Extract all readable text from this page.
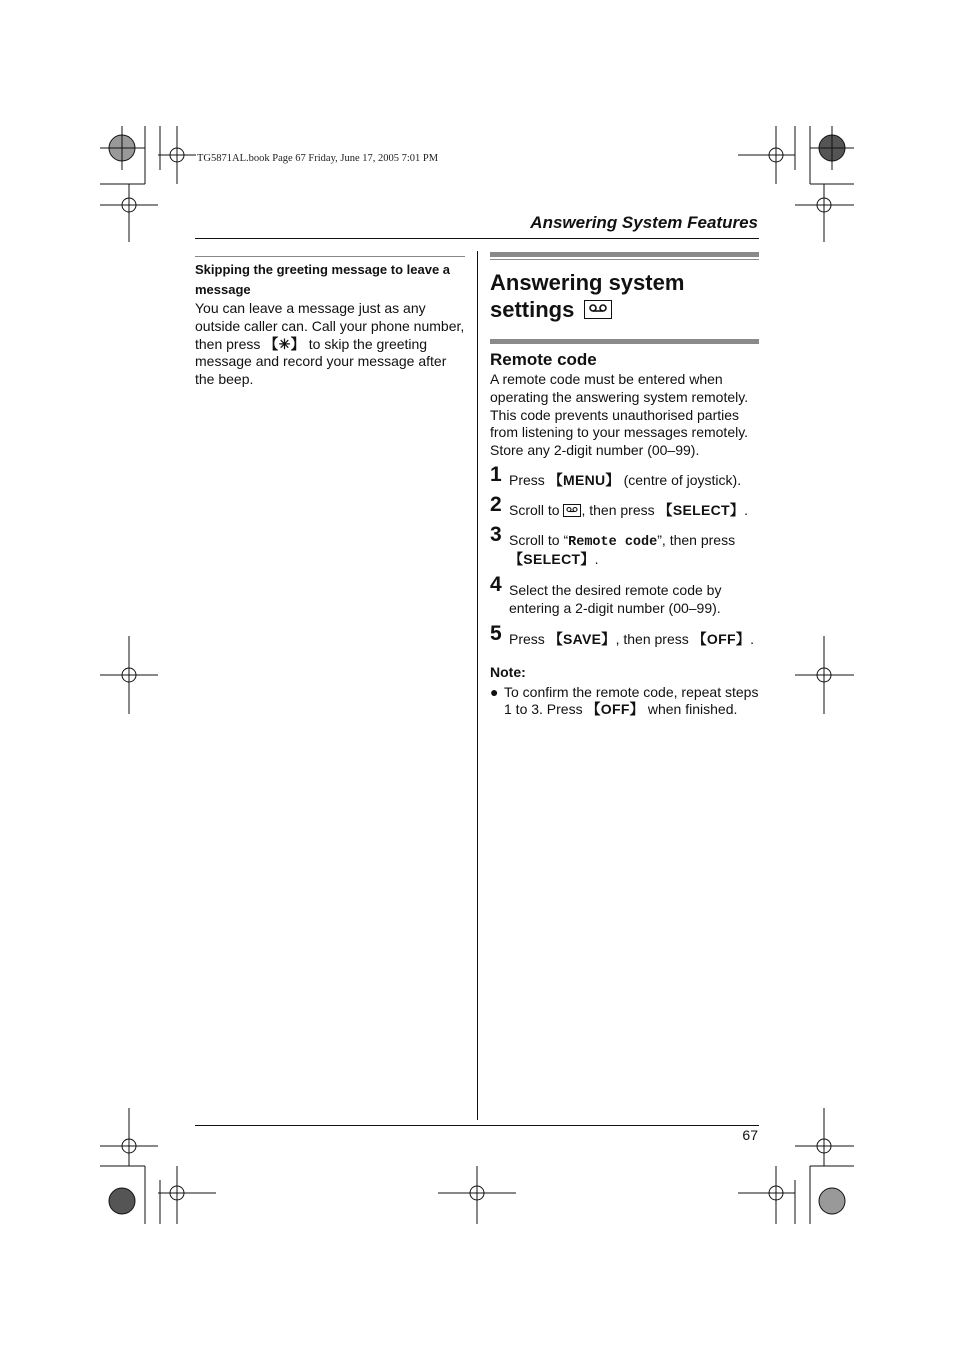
TG5871AL.book Page 67 Friday, June 17, 2005 7:01 PM
Answering System Features
Skipping the greeting message to leave a message
You can leave a message just as any outside caller can. Call your phone number, then press 【✳】 to skip the greeting message and record your message after the beep.
Answering system settings
Remote code
A remote code must be entered when operating the answering system remotely. This code prevents unauthorised parties from listening to your messages remotely. Store any 2-digit number (00–99).
1 Press 【MENU】 (centre of joystick).
2 Scroll to
, then press 【SELECT】.
3 Scroll to “Remote code”, then press 【SELECT】.
4 Select the desired remote code by entering a 2-digit number (00–99).
5 Press 【SAVE】, then press 【OFF】.
Note:
● To confirm the remote code, repeat steps 1 to 3. Press 【OFF】 when finished.
67
